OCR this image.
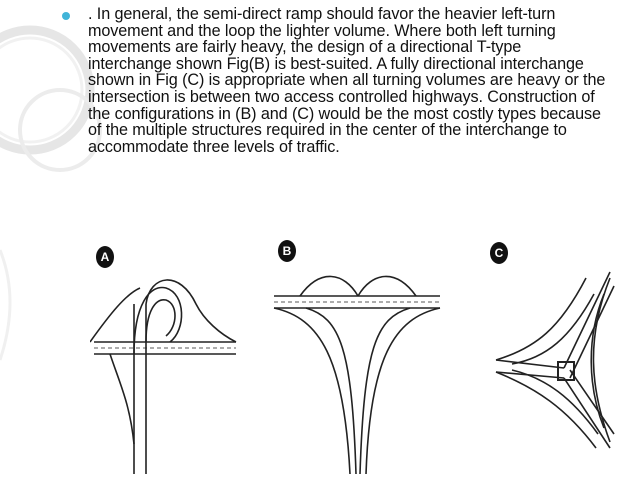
. In general, the semi-direct ramp should favor the heavier left-turn movement and the loop the lighter volume. Where both left turning movements are fairly heavy, the design of a directional T-type interchange shown Fig(B) is best-suited. A fully directional interchange shown in Fig (C) is appropriate when all turning volumes are heavy or the intersection is between two access controlled highways. Construction of the configurations in (B) and (C) would be the most costly types because of the multiple structures required in the center of the interchange to accommodate three levels of traffic.

A	B	C
